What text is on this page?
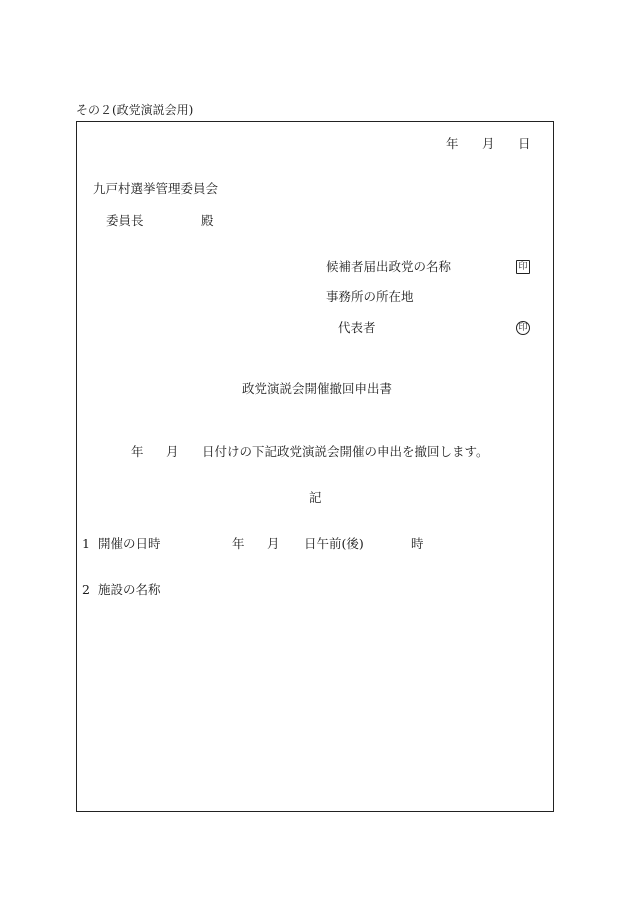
その２(政党演説会用)
年 月 日
九戸村選挙管理委員会
委員長	殿
候補者届出政党の名称	印
事務所の所在地
代表者	印
政党演説会開催撤回申出書
年 月 日付けの下記政党演説会開催の申出を撤回します。
記
1 開催の日時	年 月 日午前(後)	時
2 施設の名称
